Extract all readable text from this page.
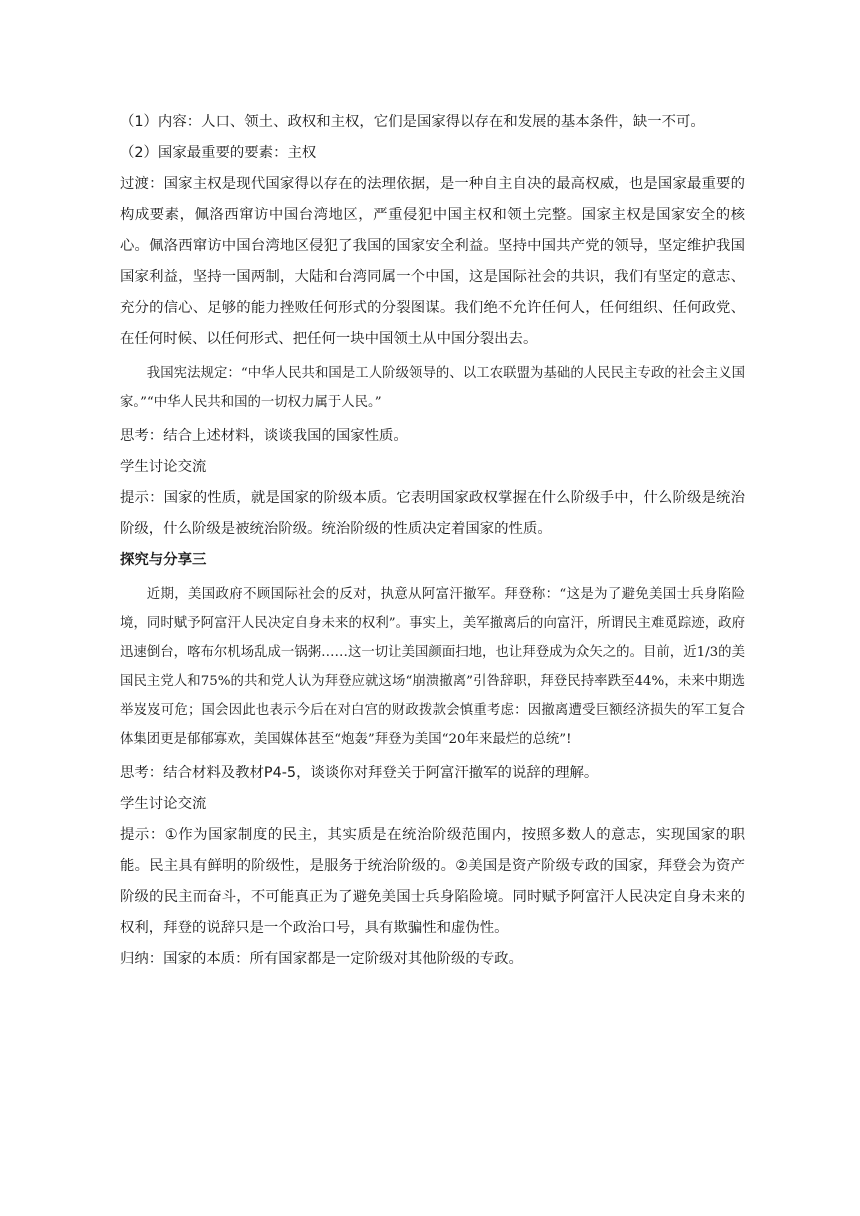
（1）内容：人口、领土、政权和主权，它们是国家得以存在和发展的基本条件，缺一不可。

（2）国家最重要的要素：主权

过渡：国家主权是现代国家得以存在的法理依据，是一种自主自决的最高权威，也是国家最重要的构成要素，佩洛西窜访中国台湾地区，严重侵犯中国主权和领土完整。国家主权是国家安全的核心。佩洛西窜访中国台湾地区侵犯了我国的国家安全利益。坚持中国共产党的领导，坚定维护我国国家利益，坚持一国两制，大陆和台湾同属一个中国，这是国际社会的共识，我们有坚定的意志、充分的信心、足够的能力挫败任何形式的分裂图谋。我们绝不允许任何人，任何组织、任何政党、在任何时候、以任何形式、把任何一块中国领土从中国分裂出去。

我国宪法规定：“中华人民共和国是工人阶级领导的、以工农联盟为基础的人民民主专政的社会主义国家。”“中华人民共和国的一切权力属于人民。”

思考：结合上述材料，谈谈我国的国家性质。

学生讨论交流

提示：国家的性质，就是国家的阶级本质。它表明国家政权掌握在什么阶级手中，什么阶级是统治阶级，什么阶级是被统治阶级。统治阶级的性质决定着国家的性质。

探究与分享三

近期，美国政府不顾国际社会的反对，执意从阿富汗撤军。拜登称：“这是为了避免美国士兵身陷险境，同时赋予阿富汗人民决定自身未来的权利”。事实上，美军撤离后的向富汗，所谓民主难觅踪迹，政府迅速倒台，喀布尔机场乱成一锅粥……这一切让美国颜面扫地，也让拜登成为众矢之的。目前，近1/3的美国民主党人和75%的共和党人认为拜登应就这场“崩溃撤离”引咎辞职，拜登民持率跌至44%，未来中期选举岌岌可危；国会因此也表示今后在对白宫的财政拨款会慎重考虑：因撤离遭受巨额经济损失的军工复合体集团更是郁郁寡欢，美国媒体甚至“炮轰”拜登为美国“20年来最烂的总统”!

思考：结合材料及教材P4-5，谈谈你对拜登关于阿富汗撤军的说辞的理解。

学生讨论交流

提示：①作为国家制度的民主，其实质是在统治阶级范围内，按照多数人的意志，实现国家的职能。民主具有鲜明的阶级性，是服务于统治阶级的。②美国是资产阶级专政的国家，拜登会为资产阶级的民主而奋斗，不可能真正为了避免美国士兵身陷险境。同时赋予阿富汗人民决定自身未来的权利，拜登的说辞只是一个政治口号，具有欺骗性和虚伪性。

归纳：国家的本质：所有国家都是一定阶级对其他阶级的专政。
